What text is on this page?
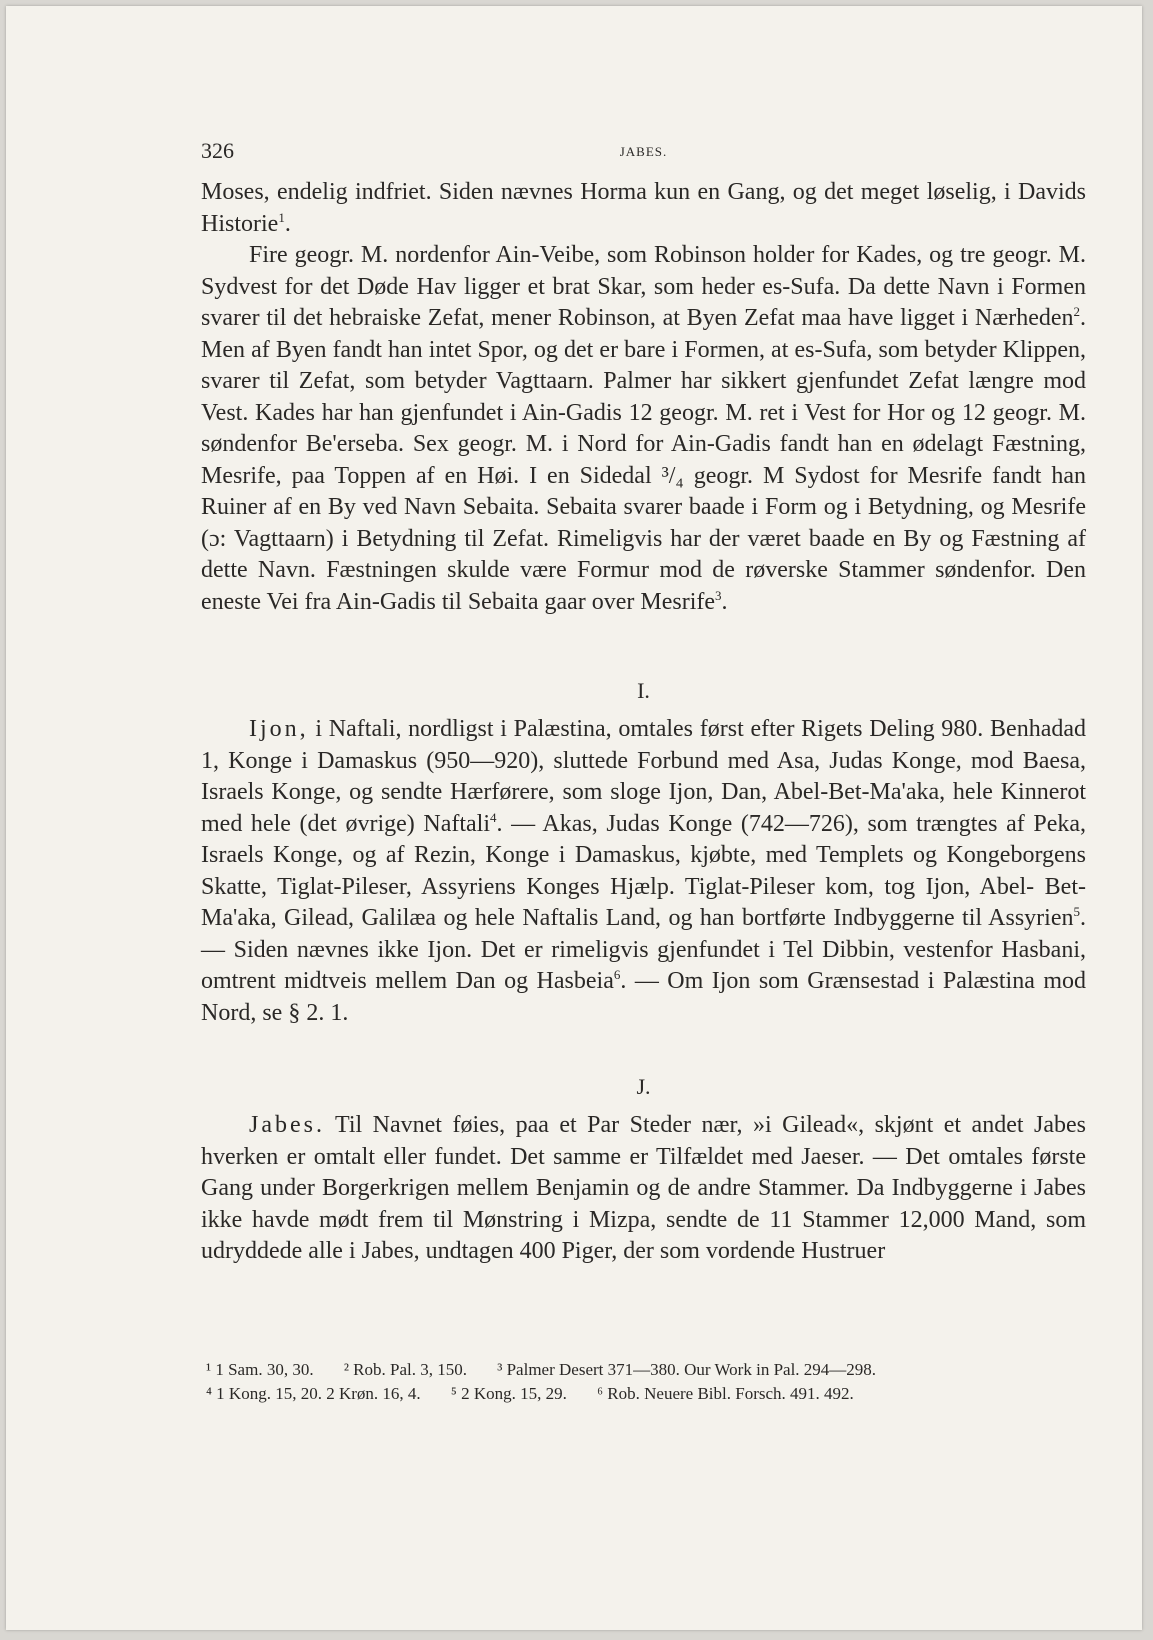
326	JABES.

Moses, endelig indfriet. Siden nævnes Horma kun en Gang, og det meget løselig, i Davids Historie$^1$.

Fire geogr. M. nordenfor Ain-Veibe, som Robinson holder for Kades, og tre geogr. M. Sydvest for det Døde Hav ligger et brat Skar, som heder es-Sufa. Da dette Navn i Formen svarer til det hebraiske Zefat, mener Robinson, at Byen Zefat maa have ligget i Nærheden$^2$. Men af Byen fandt han intet Spor, og det er bare i Formen, at es-Sufa, som betyder Klippen, svarer til Zefat, som betyder Vagttaarn. Palmer har sikkert gjenfundet Zefat længre mod Vest. Kades har han gjenfundet i Ain-Gadis 12 geogr. M. ret i Vest for Hor og 12 geogr. M. søndenfor Be'erseba. Sex geogr. M. i Nord for Ain-Gadis fandt han en ødelagt Fæstning, Mesrife, paa Toppen af en Høi. I en Sidedal ³/₄ geogr. M Sydost for Mesrife fandt han Ruiner af en By ved Navn Sebaita. Sebaita svarer baade i Form og i Betydning, og Mesrife (ɔ: Vagttaarn) i Betydning til Zefat. Rimeligvis har der været baade en By og Fæstning af dette Navn. Fæstningen skulde være Formur mod de røverske Stammer søndenfor. Den eneste Vei fra Ain-Gadis til Sebaita gaar over Mesrife$^3$.

I.

Ijon, i Naftali, nordligst i Palæstina, omtales først efter Rigets Deling 980. Benhadad 1, Konge i Damaskus (950—920), sluttede Forbund med Asa, Judas Konge, mod Baesa, Israels Konge, og sendte Hærførere, som sloge Ijon, Dan, Abel-Bet-Ma'aka, hele Kinnerot med hele (det øvrige) Naftali$^4$. — Akas, Judas Konge (742—726), som trængtes af Peka, Israels Konge, og af Rezin, Konge i Damaskus, kjøbte, med Templets og Kongeborgens Skatte, Tiglat-Pileser, Assyriens Konges Hjælp. Tiglat-Pileser kom, tog Ijon, Abel- Bet-Ma'aka, Gilead, Galilæa og hele Naftalis Land, og han bortførte Indbyggerne til Assyrien$^5$. — Siden nævnes ikke Ijon. Det er rimeligvis gjenfundet i Tel Dibbin, vestenfor Hasbani, omtrent midtveis mellem Dan og Hasbeia$^6$. — Om Ijon som Grænsestad i Palæstina mod Nord, se § 2. 1.

J.

Jabes. Til Navnet føies, paa et Par Steder nær, »i Gilead«, skjønt et andet Jabes hverken er omtalt eller fundet. Det samme er Tilfældet med Jaeser. — Det omtales første Gang under Borgerkrigen mellem Benjamin og de andre Stammer. Da Indbyggerne i Jabes ikke havde mødt frem til Mønstring i Mizpa, sendte de 11 Stammer 12,000 Mand, som udryddede alle i Jabes, undtagen 400 Piger, der som vordende Hustruer

¹ 1 Sam. 30, 30. ² Rob. Pal. 3, 150. ³ Palmer Desert 371—380. Our Work in Pal. 294—298.
⁴ 1 Kong. 15, 20. 2 Krøn. 16, 4. ⁵ 2 Kong. 15, 29. ⁶ Rob. Neuere Bibl. Forsch. 491. 492.
